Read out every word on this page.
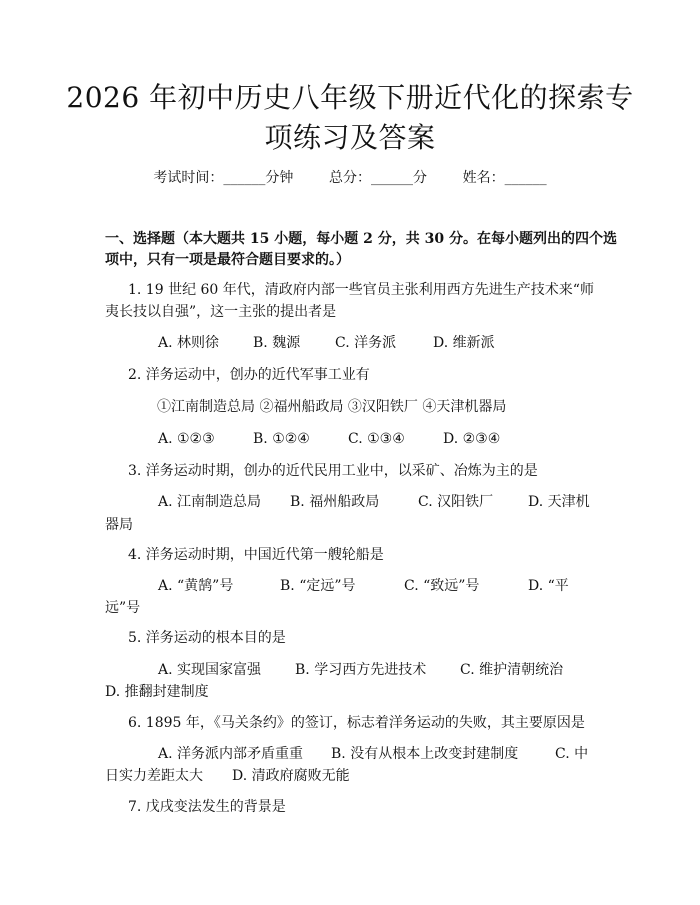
2026 年初中历史八年级下册近代化的探索专
项练习及答案
考试时间：______分钟	总分：______分	姓名：______
一、选择题（本大题共 15 小题，每小题 2 分，共 30 分。在每小题列出的四个选
项中，只有一项是最符合题目要求的。）
1. 19 世纪 60 年代，清政府内部一些官员主张利用西方先进生产技术来“师
夷长技以自强”，这一主张的提出者是
A. 林则徐 B. 魏源 C. 洋务派	D. 维新派
2. 洋务运动中，创办的近代军事工业有
①江南制造总局 ②福州船政局 ③汉阳铁厂 ④天津机器局
A. ①②③	B. ①②④	C. ①③④	D. ②③④
3. 洋务运动时期，创办的近代民用工业中，以采矿、冶炼为主的是
A. 江南制造总局 B. 福州船政局	C. 汉阳铁厂 D. 天津机
器局
4. 洋务运动时期，中国近代第一艘轮船是
A. “黄鹄”号	B. “定远”号	C. “致远”号	D. “平
远”号
5. 洋务运动的根本目的是
A. 实现国家富强 B. 学习西方先进技术 C. 维护清朝统治
D. 推翻封建制度
6. 1895 年，《马关条约》的签订，标志着洋务运动的失败，其主要原因是
A. 洋务派内部矛盾重重 B. 没有从根本上改变封建制度	C. 中
日实力差距太大 D. 清政府腐败无能
7. 戊戌变法发生的背景是
